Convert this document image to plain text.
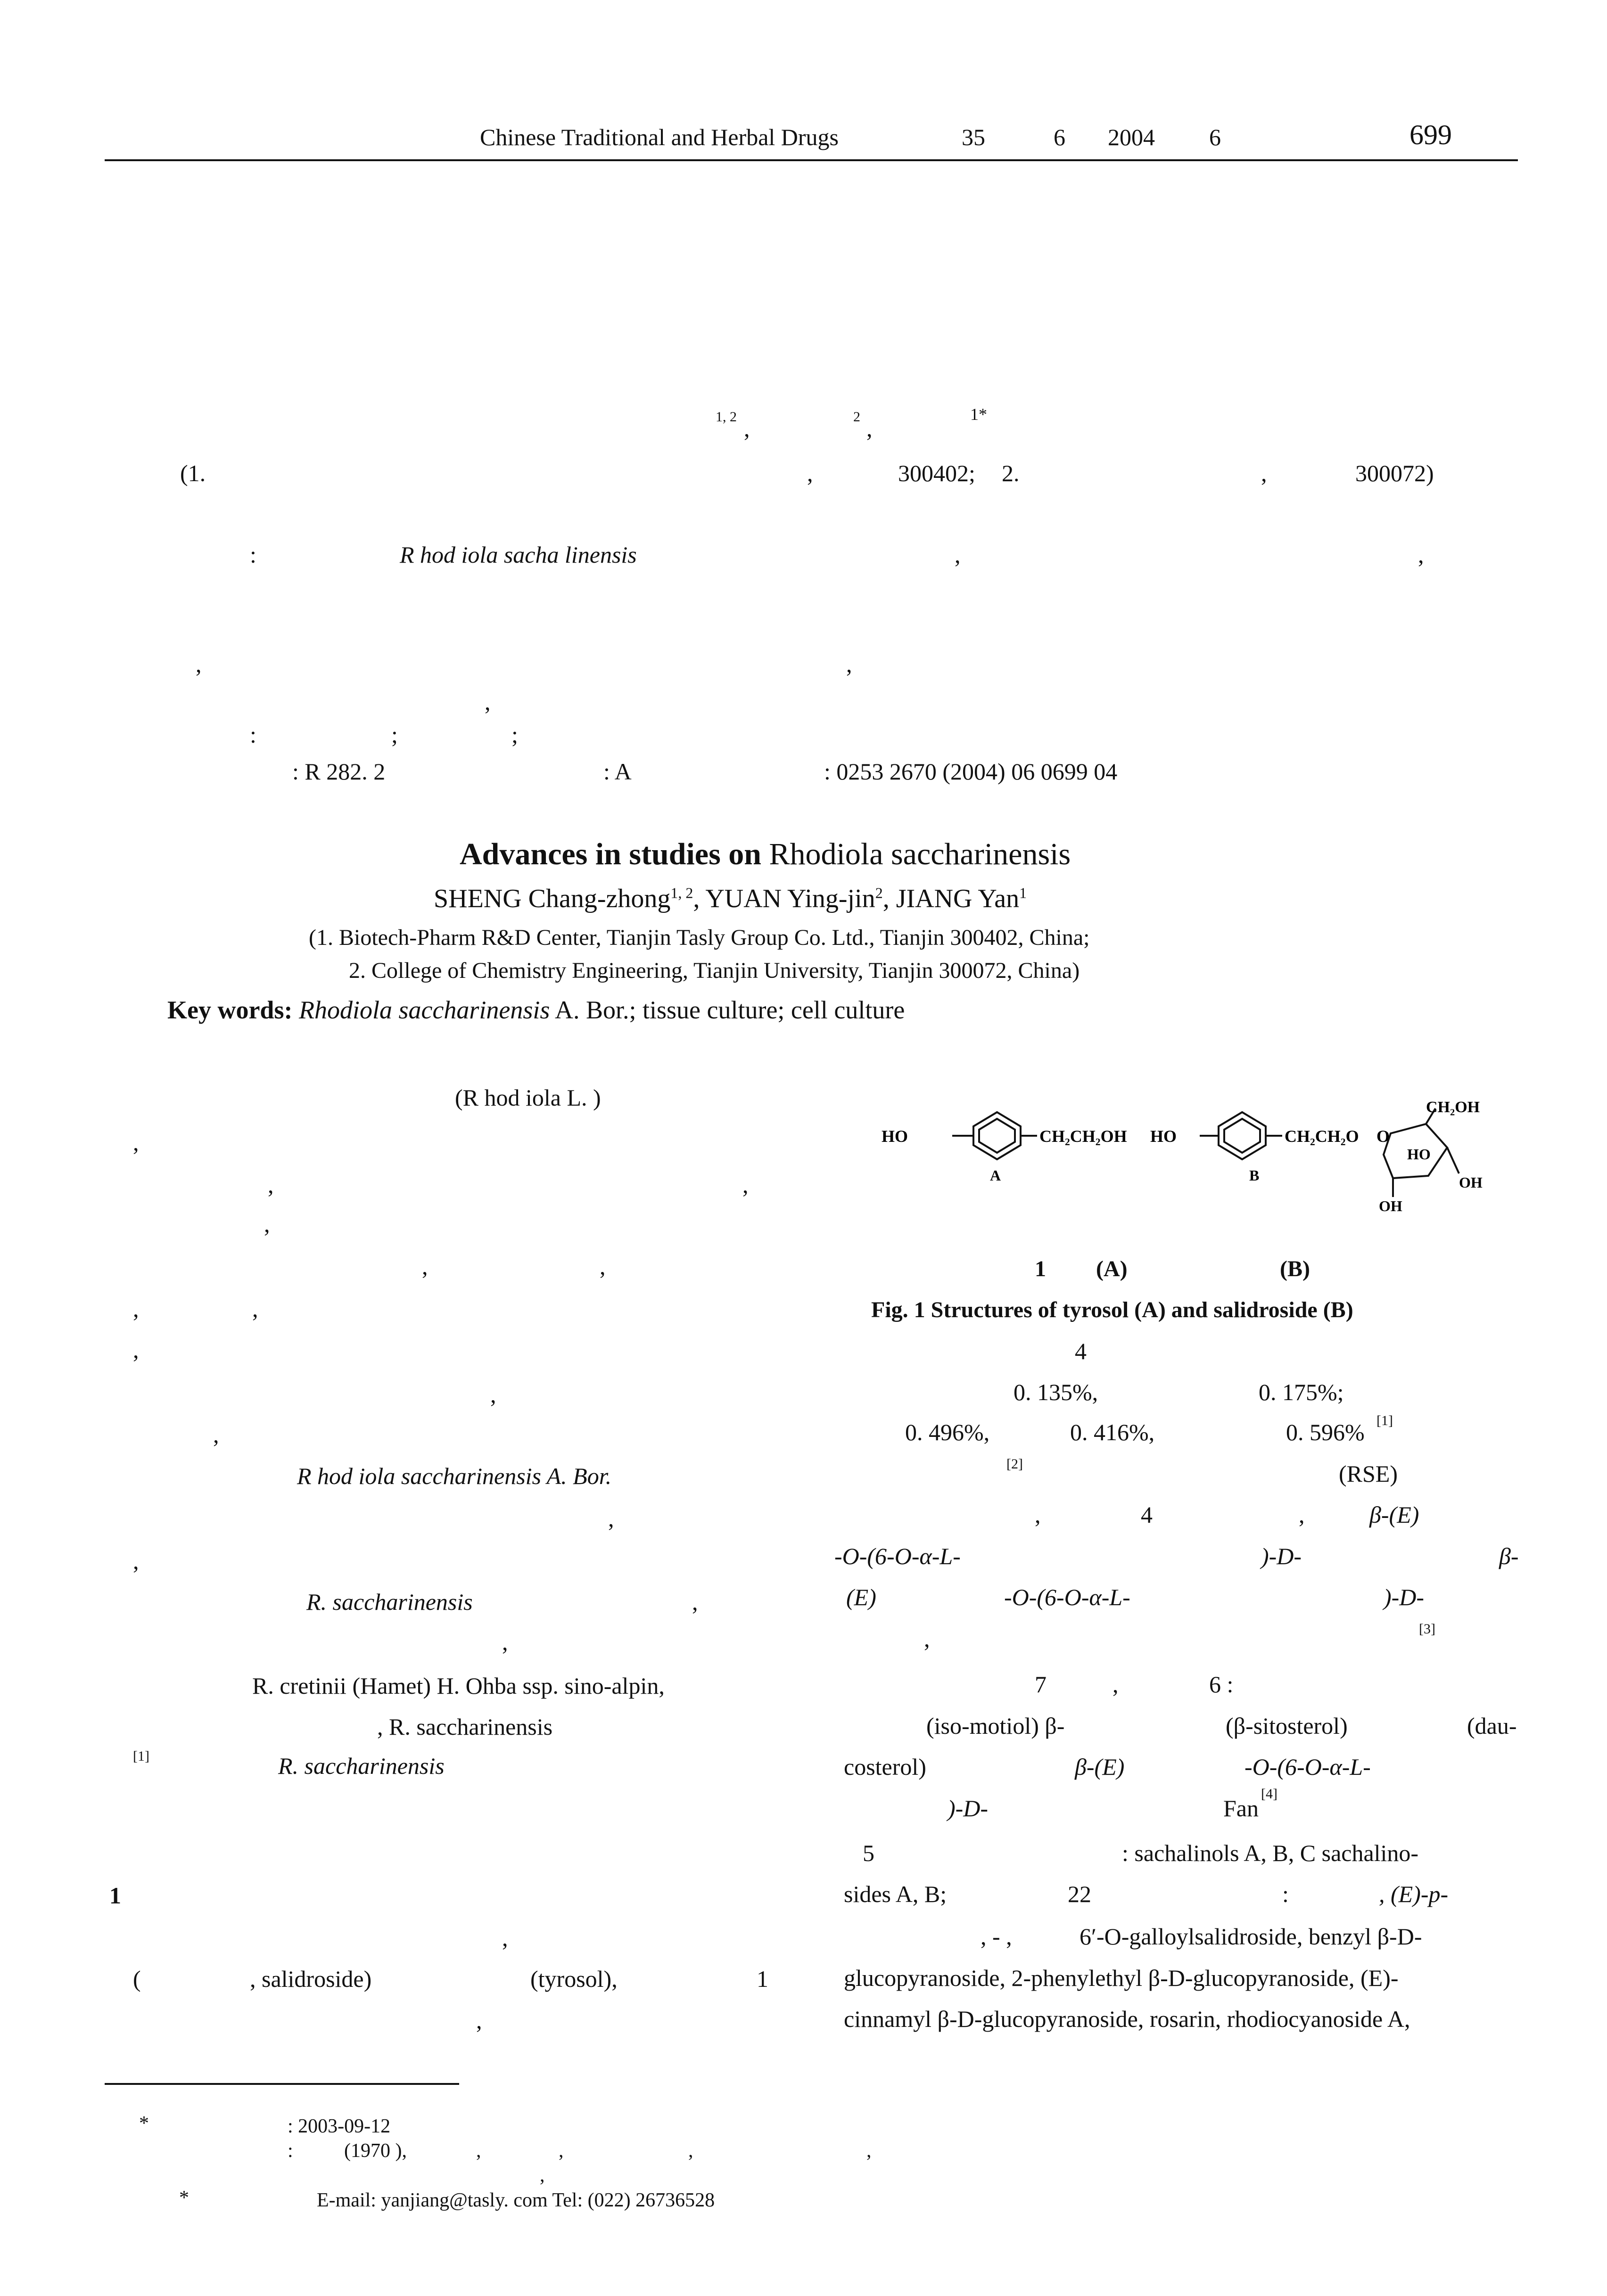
Chinese Traditional and Herbal Drugs	35	6 2004 6	699
1, 2 ,	2 ,
1*
(1.	,	300402; 2.	,	300072)
:	R hod iola sacha linensis	,	,
,	,
,
:	;	;
: R 282. 2	: A	: 0253 2670 (2004) 06 0699 04
Advances in studies on Rhodiola saccharinensis
SHENG Chang-zhong$^{1, 2}$, YUAN Ying-jin$^2$, JIANG Yan$^1$
(1. Biotech-Pharm R&D Center, Tianjin Tasly Group Co. Ltd., Tianjin 300402, China;
2. College of Chemistry Engineering, Tianjin University, Tianjin 300072, China)
Key words: Rhodiola saccharinensis A. Bor.; tissue culture; cell culture
(R hod iola L. )
,
,	,
,
,	,
,	,
,
,
,
R hod iola saccharinensis A. Bor.
,
,
R. saccharinensis	,
,
R. cretinii (Hamet) H. Ohba ssp. sino-alpin,
, R. saccharinensis
[1]	R. saccharinensis
1
,
(	, salidroside)	(tyrosol),	1
,
HO	CH₂CH₂OH
A
HO	CH₂CH₂O O
CH₂OH
HO
OH
OH
B
1 (A)	(B)
Fig. 1 Structures of tyrosol (A) and salidroside (B)
4
0. 135%,	0. 175%;
0. 496%,	0. 416%,	0. 596% [1]
[2]	(RSE)
,	4	,	β-(E)
-O-(6-O-α-L-	)-D-	β-
(E)	-O-(6-O-α-L-	)-D-
[3]
,
7	,	6 :
(iso-motiol) β-	(β-sitosterol)	(dau-
costerol)	β-(E)	-O-(6-O-α-L-
)-D-	Fan
[4]
5	: sachalinols A, B, C sachalino-
sides A, B;	22	:	, (E)-p-
, - ,	6′-O-galloylsalidroside, benzyl β-D-
glucopyranoside, 2-phenylethyl β-D-glucopyranoside, (E)-
cinnamyl β-D-glucopyranoside, rosarin, rhodiocyanoside A,
*	: 2003-09-12
:	(1970 ),	,	,	,	,
,
*	E-mail: yanjiang@tasly. com Tel: (022) 26736528
